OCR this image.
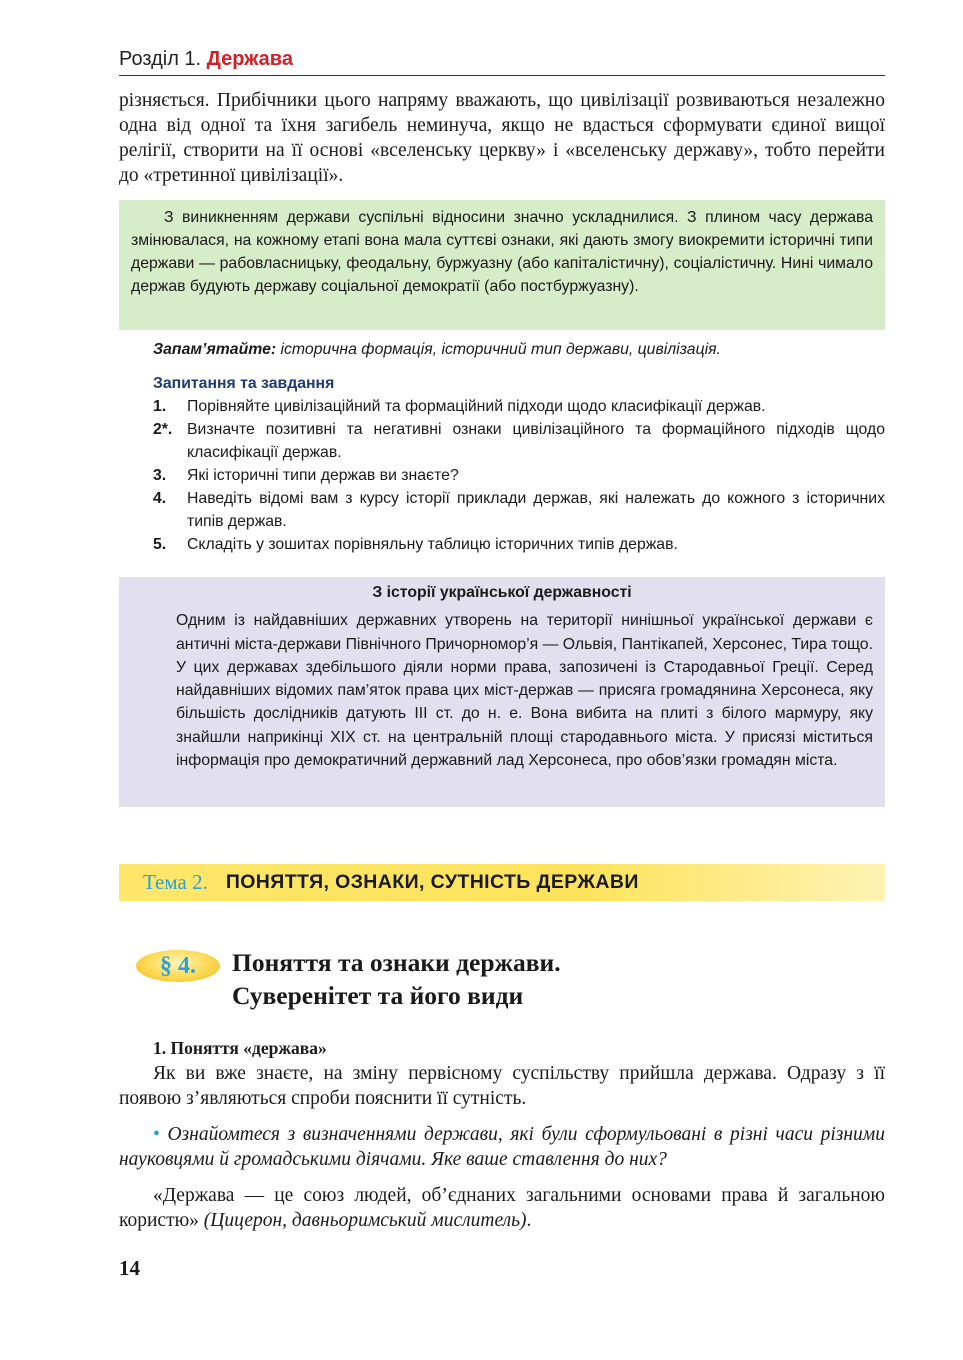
Розділ 1. Держава

різняється. Прибічники цього напряму вважають, що цивілізації розвиваються незалежно одна від одної та їхня загибель неминуча, якщо не вдасться сформувати єдиної вищої релігії, створити на її основі «вселенську церкву» і «вселенську державу», тобто перейти до «третинної цивілізації».

З виникненням держави суспільні відносини значно ускладнилися. З плином часу держава змінювалася, на кожному етапі вона мала суттєві ознаки, які дають змогу виокремити історичні типи держави — рабовласницьку, феодальну, буржуазну (або капіталістичну), соціалістичну. Нині чимало держав будують державу соціальної демократії (або постбуржуазну).

Запам’ятайте: історична формація, історичний тип держави, цивілізація.

Запитання та завдання
1.	Порівняйте цивілізаційний та формаційний підходи щодо класифікації держав.
2*. Визначте позитивні та негативні ознаки цивілізаційного та формаційного підходів щодо класифікації держав.
3.	Які історичні типи держав ви знаєте?
4.	Наведіть відомі вам з курсу історії приклади держав, які належать до кожного з історичних типів держав.
5.	Складіть у зошитах порівняльну таблицю історичних типів держав.
З історії української державності

Одним із найдавніших державних утворень на території нинішньої української держави є античні міста-держави Північного Причорномор’я — Ольвія, Пантікапей, Херсонес, Тира тощо. У цих державах здебільшого діяли норми права, запозичені із Стародавньої Греції. Серед найдавніших відомих пам’яток права цих міст-держав — присяга громадянина Херсонеса, яку більшість дослідників датують III ст. до н. е. Вона вибита на плиті з білого мармуру, яку знайшли наприкінці XIX ст. на центральній площі стародавнього міста. У присязі міститься інформація про демократичний державний лад Херсонеса, про обов’язки громадян міста.

Тема 2. ПОНЯТТЯ, ОЗНАКИ, СУТНІСТЬ ДЕРЖАВИ
§ 4.	Поняття та ознаки держави.
Суверенітет та його види
1. Поняття «держава»

Як ви вже знаєте, на зміну первісному суспільству прийшла держава. Одразу з її появою з’являються спроби пояснити її сутність.

• Ознайомтеся з визначеннями держави, які були сформульовані в різні часи різними науковцями й громадськими діячами. Яке ваше ставлення до них?

«Держава — це союз людей, об’єднаних загальними основами права й загальною користю» (Цицерон, давньоримський мислитель).

14
